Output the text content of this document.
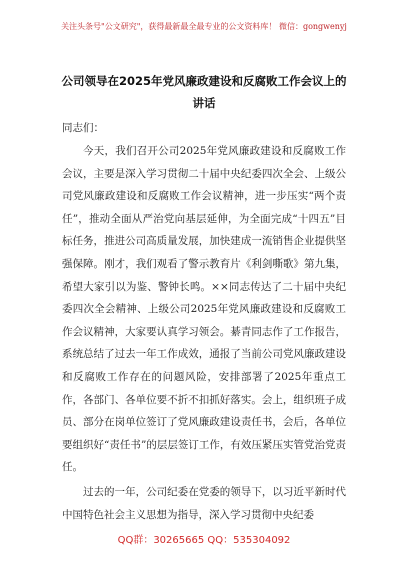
关注头条号"公文研究"，获得最新最全最专业的公文资料库！ 微信：gongwenyj
公司领导在2025年党风廉政建设和反腐败工作会议上的讲话
同志们：
今天，我们召开公司2025年党风廉政建设和反腐败工作会议，主要是深入学习贯彻二十届中央纪委四次全会、上级公司党风廉政建设和反腐败工作会议精神，进一步压实“两个责任”，推动全面从严治党向基层延伸，为全面完成“十四五”目标任务，推进公司高质量发展，加快建成一流销售企业提供坚强保障。刚才，我们观看了警示教育片《利剑嘶歌》第九集，希望大家引以为鉴、警钟长鸣。××同志传达了二十届中央纪委四次全会精神、上级公司2025年党风廉政建设和反腐败工作会议精神，大家要认真学习领会。綦青同志作了工作报告，系统总结了过去一年工作成效，通报了当前公司党风廉政建设和反腐败工作存在的问题风险，安排部署了2025年重点工作，各部门、各单位要不折不扣抓好落实。会上，组织班子成员、部分在岗单位签订了党风廉政建设责任书，会后，各单位要组织好“责任书”的层层签订工作，有效压紧压实管党治党责任。
过去的一年，公司纪委在党委的领导下，以习近平新时代中国特色社会主义思想为指导，深入学习贯彻中央纪委
QQ群：30265665 QQ：535304092
